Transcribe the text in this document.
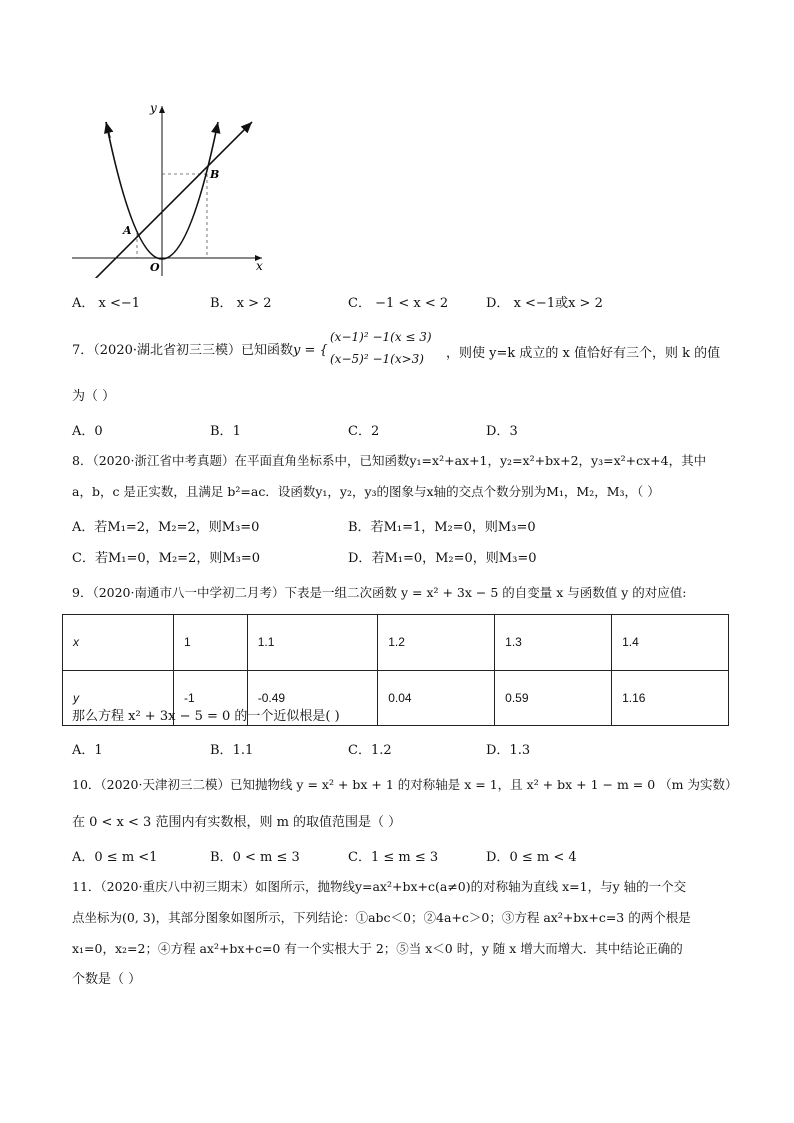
y
x
O
A
B
A． x <−1	B． x > 2	C． −1 < x < 2	D． x <−1或x > 2
7．（2020·湖北省初三三模）已知函数y = {
(x−1)² −1(x ≤ 3)
(x−5)² −1(x>3)	，则使 y=k 成立的 x 值恰好有三个，则 k 的值
为（ ）
A．0	B．1	C．2	D．3
8．（2020·浙江省中考真题）在平面直角坐标系中，已知函数y₁=x²+ax+1，y₂=x²+bx+2，y₃=x²+cx+4，其中
a，b，c 是正实数，且满足 b²=ac．设函数y₁，y₂，y₃的图象与x轴的交点个数分别为M₁，M₂，M₃，（ ）
A．若M₁=2，M₂=2，则M₃=0	B．若M₁=1，M₂=0，则M₃=0
C．若M₁=0，M₂=2，则M₃=0	D．若M₁=0，M₂=0，则M₃=0
9．（2020·南通市八一中学初二月考）下表是一组二次函数 y = x² + 3x − 5 的自变量 x 与函数值 y 的对应值:
x	1	1.1	1.2	1.3	1.4
y	-1	-0.49	0.04	0.59	1.16
那么方程 x² + 3x − 5 = 0 的一个近似根是( )
A．1	B．1.1	C．1.2	D．1.3
10．（2020·天津初三二模）已知抛物线 y = x² + bx + 1 的对称轴是 x = 1，且 x² + bx + 1 − m = 0 （m 为实数）
在 0 < x < 3 范围内有实数根，则 m 的取值范围是（ ）
A．0 ≤ m <1	B．0 < m ≤ 3	C．1 ≤ m ≤ 3	D．0 ≤ m < 4
11．（2020·重庆八中初三期末）如图所示，抛物线y=ax²+bx+c(a≠0)的对称轴为直线 x=1，与y 轴的一个交
点坐标为(0, 3)，其部分图象如图所示，下列结论：①abc＜0；②4a+c＞0；③方程 ax²+bx+c=3 的两个根是
x₁=0，x₂=2；④方程 ax²+bx+c=0 有一个实根大于 2；⑤当 x＜0 时，y 随 x 增大而增大．其中结论正确的
个数是（ ）
